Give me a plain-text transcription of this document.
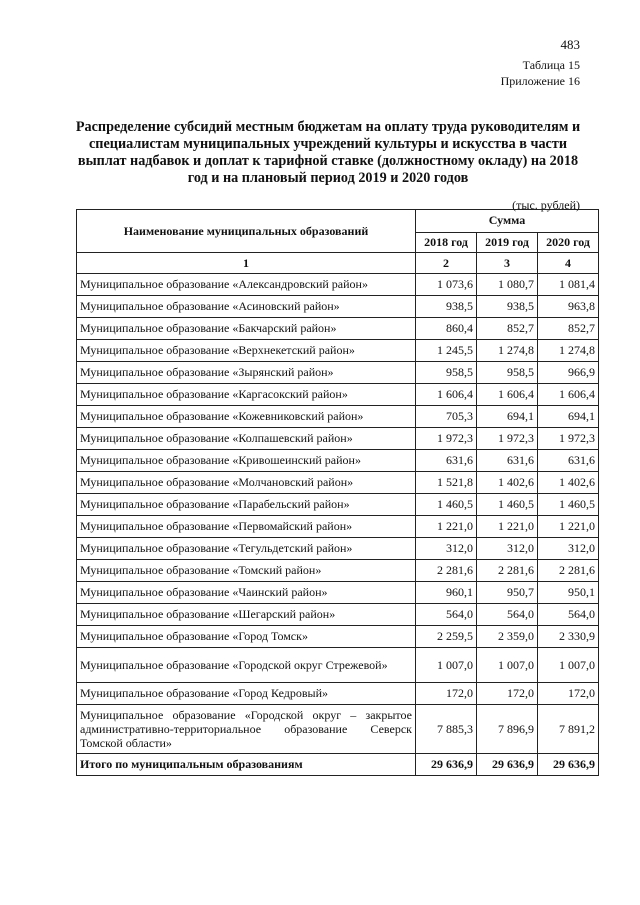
483
Таблица 15
Приложение 16
Распределение субсидий местным бюджетам на оплату труда руководителям и специалистам муниципальных учреждений культуры и искусства в части выплат надбавок и доплат к тарифной ставке (должностному окладу) на 2018 год и на плановый период 2019 и 2020 годов
(тыс. рублей)
Наименование муниципальных образований	Сумма		
	2018 год	2019 год	2020 год
1	2	3	4
Муниципальное образование «Александровский район»	1 073,6	1 080,7	1 081,4
Муниципальное образование «Асиновский район»	938,5	938,5	963,8
Муниципальное образование «Бакчарский район»	860,4	852,7	852,7
Муниципальное образование «Верхнекетский район»	1 245,5	1 274,8	1 274,8
Муниципальное образование «Зырянский район»	958,5	958,5	966,9
Муниципальное образование «Каргасокский район»	1 606,4	1 606,4	1 606,4
Муниципальное образование «Кожевниковский район»	705,3	694,1	694,1
Муниципальное образование «Колпашевский район»	1 972,3	1 972,3	1 972,3
Муниципальное образование «Кривошеинский район»	631,6	631,6	631,6
Муниципальное образование «Молчановский район»	1 521,8	1 402,6	1 402,6
Муниципальное образование «Парабельский район»	1 460,5	1 460,5	1 460,5
Муниципальное образование «Первомайский район»	1 221,0	1 221,0	1 221,0
Муниципальное образование «Тегульдетский район»	312,0	312,0	312,0
Муниципальное образование «Томский район»	2 281,6	2 281,6	2 281,6
Муниципальное образование «Чаинский район»	960,1	950,7	950,1
Муниципальное образование «Шегарский район»	564,0	564,0	564,0
Муниципальное образование «Город Томск»	2 259,5	2 359,0	2 330,9
Муниципальное образование «Городской округ Стрежевой»	1 007,0	1 007,0	1 007,0
Муниципальное образование «Город Кедровый»	172,0	172,0	172,0
Муниципальное образование «Городской округ – закрытое административно-территориальное образование Северск Томской области»	7 885,3	7 896,9	7 891,2
Итого по муниципальным образованиям	29 636,9	29 636,9	29 636,9
